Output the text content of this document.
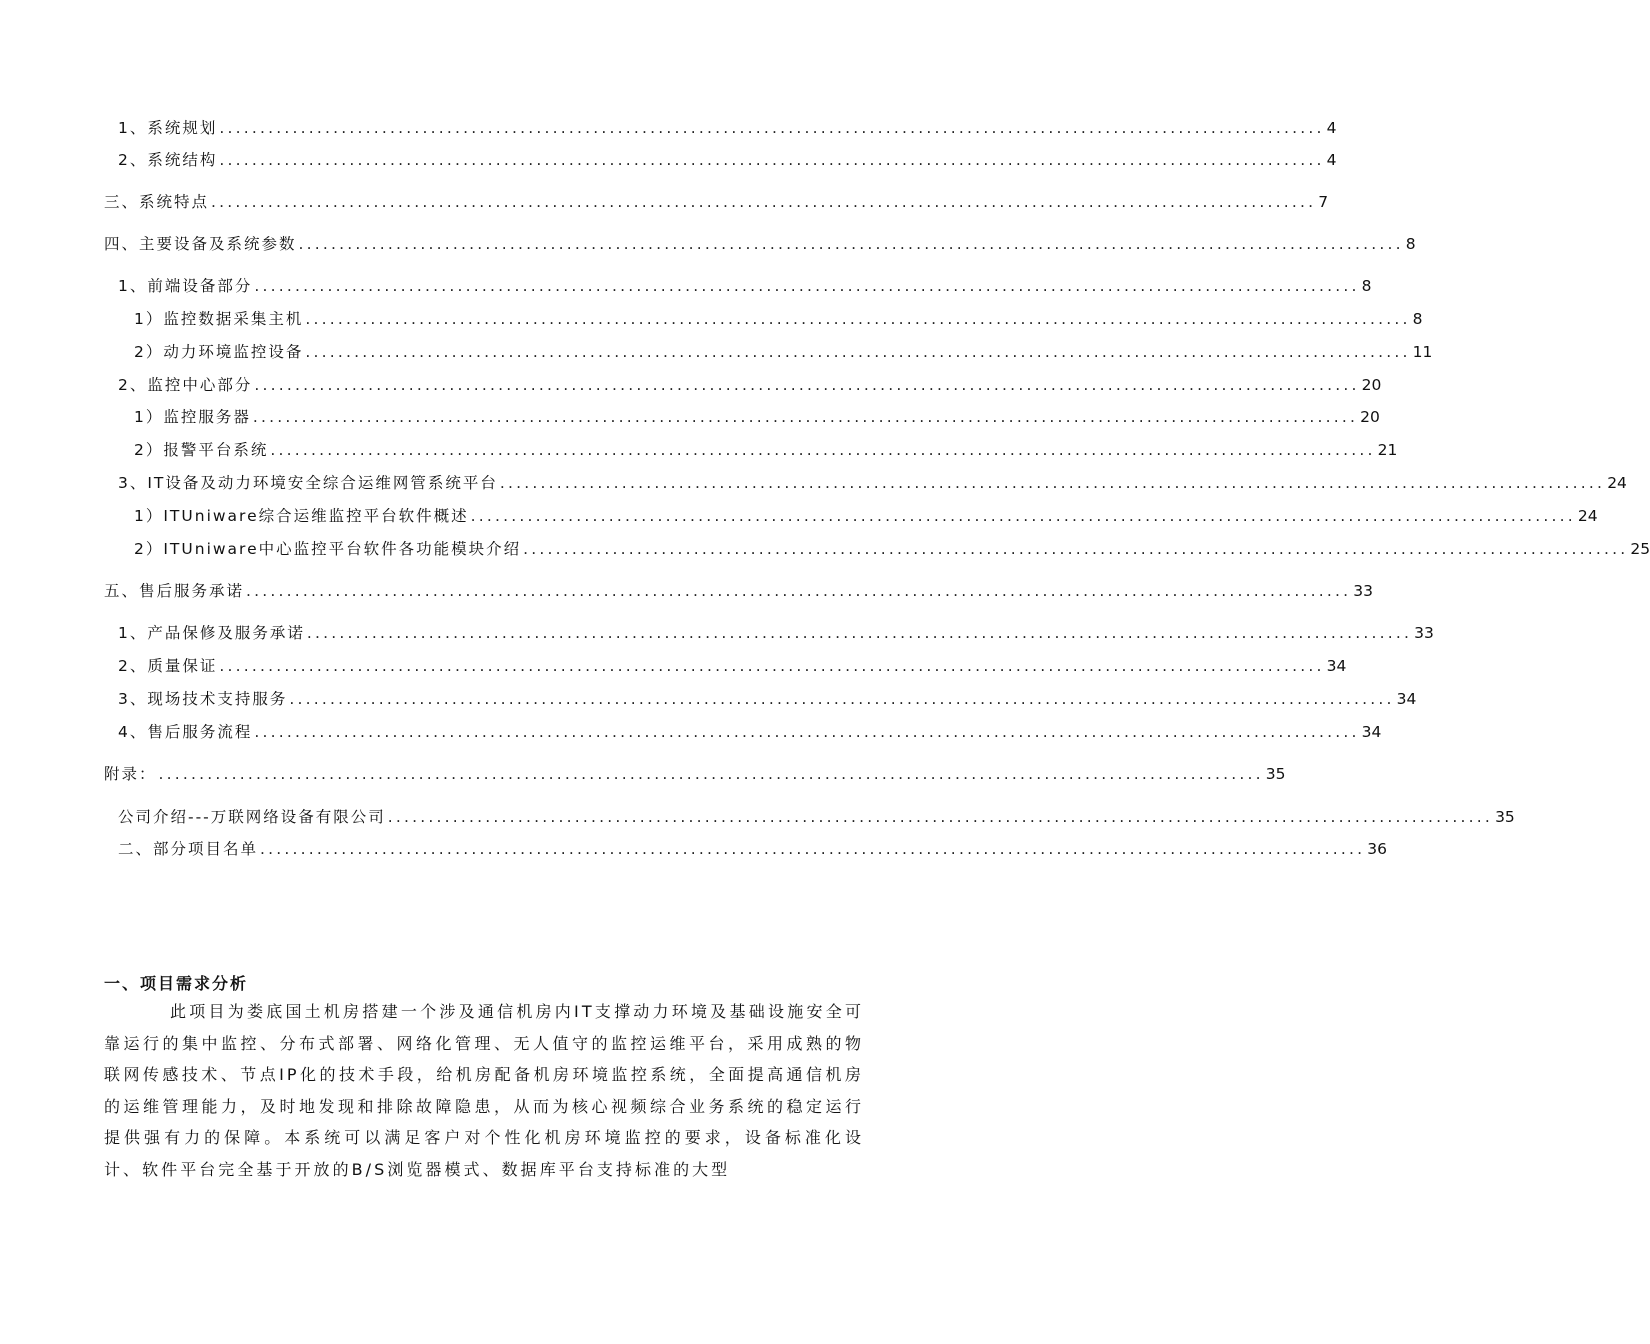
1、系统规划 ........................................................................................................................................ 4
2、系统结构 ........................................................................................................................................ 4
三、系统特点 ........................................................................................................................................ 7
四、主要设备及系统参数 ........................................................................................................................................ 8
1、前端设备部分 ........................................................................................................................................ 8
1）监控数据采集主机 ........................................................................................................................................ 8
2）动力环境监控设备 ........................................................................................................................................ 11
2、监控中心部分 ........................................................................................................................................ 20
1）监控服务器 ........................................................................................................................................ 20
2）报警平台系统 ........................................................................................................................................ 21
3、IT设备及动力环境安全综合运维网管系统平台 ........................................................................................................................................ 24
1）ITUniware综合运维监控平台软件概述 ........................................................................................................................................ 24
2）ITUniware中心监控平台软件各功能模块介绍 ........................................................................................................................................ 25
五、售后服务承诺 ........................................................................................................................................ 33
1、产品保修及服务承诺 ........................................................................................................................................ 33
2、质量保证 ........................................................................................................................................ 34
3、现场技术支持服务 ........................................................................................................................................ 34
4、售后服务流程 ........................................................................................................................................ 34
附录： ........................................................................................................................................ 35
公司介绍---万联网络设备有限公司 ........................................................................................................................................ 35
二、部分项目名单 ........................................................................................................................................ 36
一、项目需求分析

此项目为娄底国土机房搭建一个涉及通信机房内IT支撑动力环境及基础设施安全可靠运行的集中监控、分布式部署、网络化管理、无人值守的监控运维平台，采用成熟的物联网传感技术、节点IP化的技术手段，给机房配备机房环境监控系统，全面提高通信机房的运维管理能力，及时地发现和排除故障隐患，从而为核心视频综合业务系统的稳定运行提供强有力的保障。本系统可以满足客户对个性化机房环境监控的要求，设备标准化设计、软件平台完全基于开放的B/S浏览器模式、数据库平台支持标准的大型
